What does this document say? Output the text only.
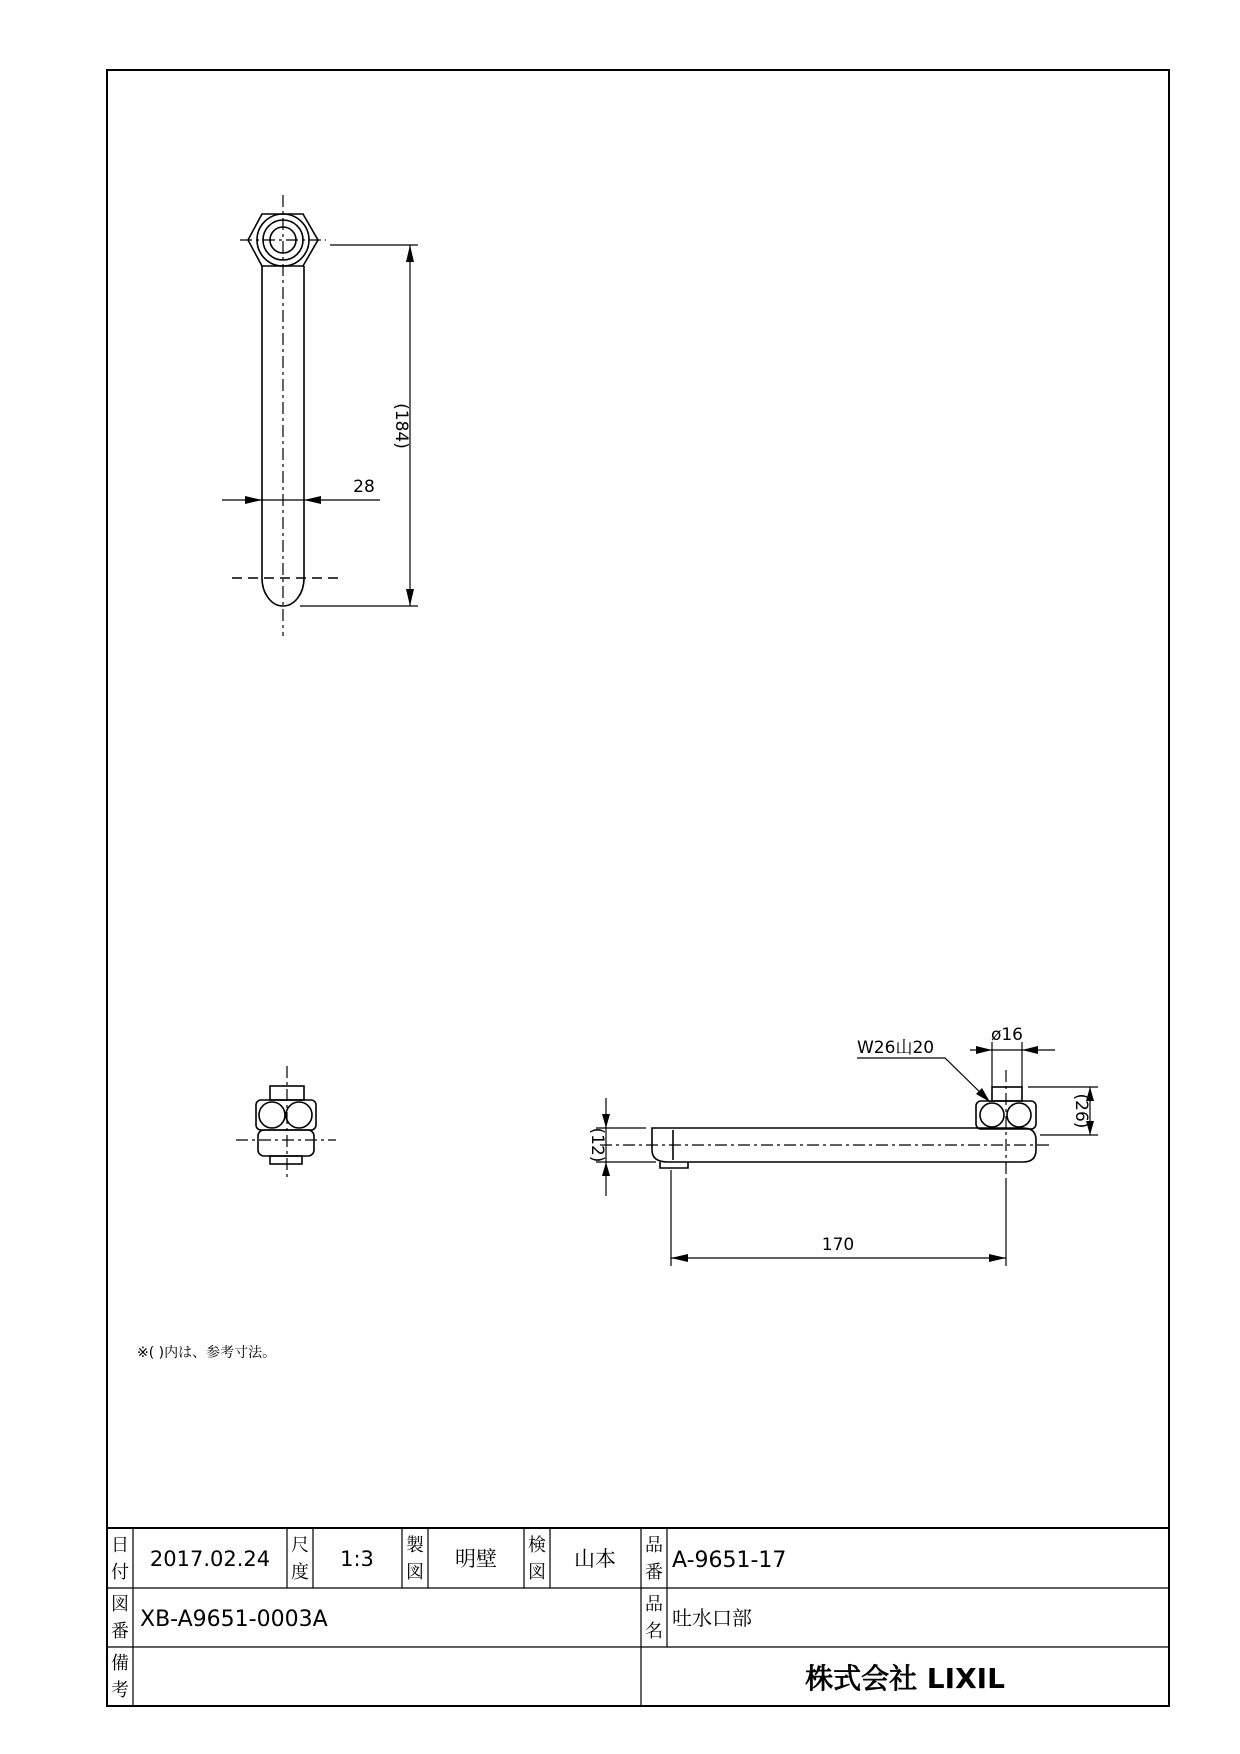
(184)
28
W26山20
ø16
(26)
(12)
170
※( )内は、参考寸法。
日
付
2017.02.24
尺
度
1:3
製
図
明壁
検
図
山本
品
番 A-9651-17
図
番 XB-A9651-0003A
品
名
吐水口部
備
考	株式会社 LIXIL
